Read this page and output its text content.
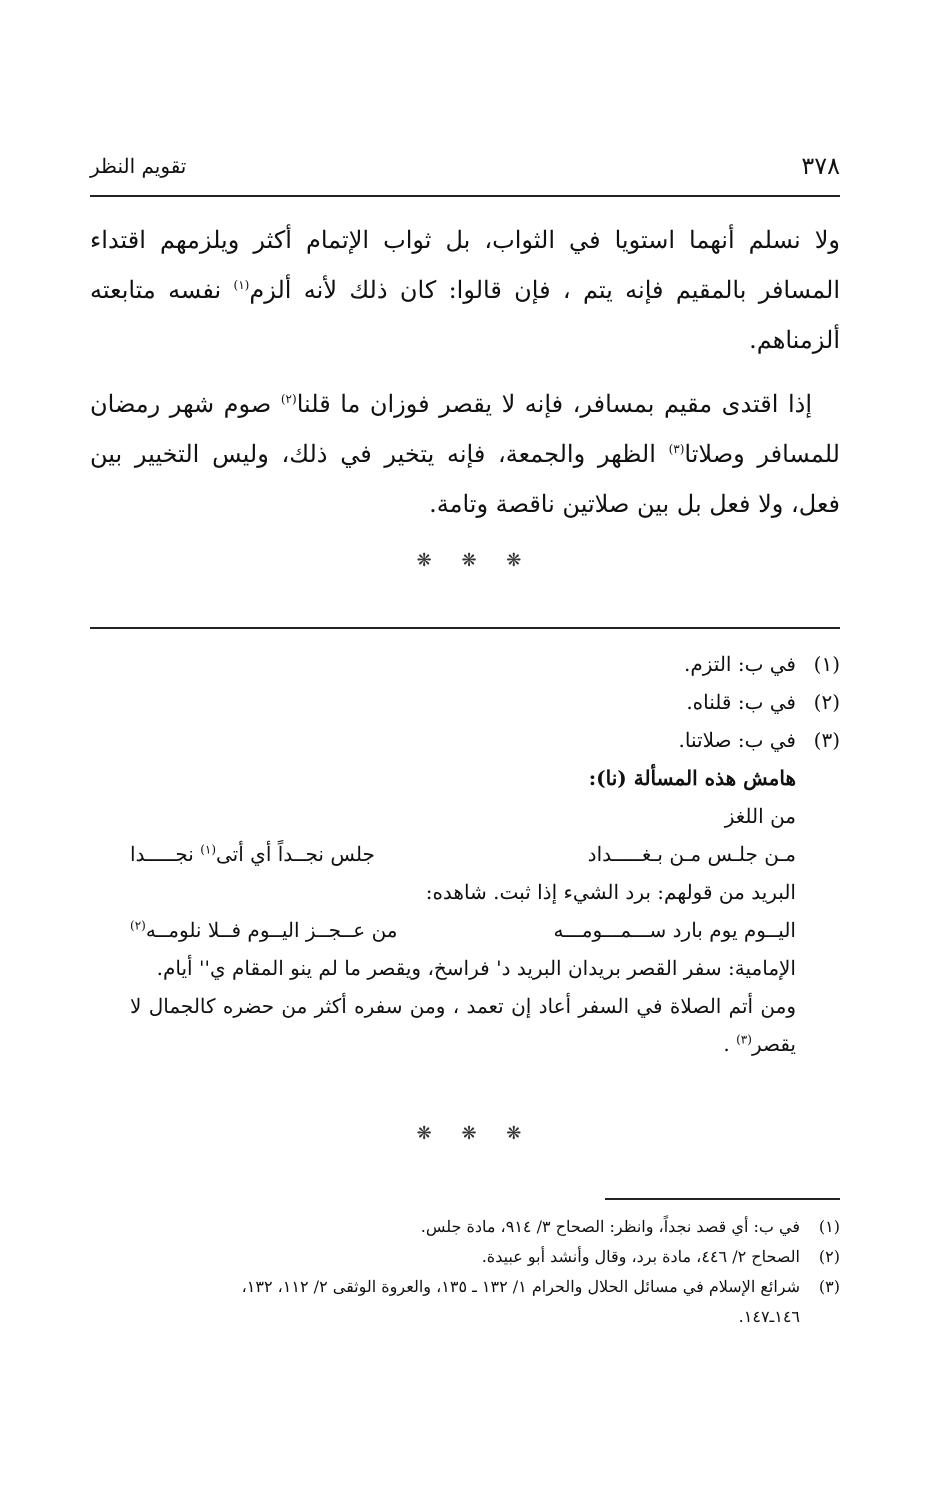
٣٧٨
تقويم النظر

ولا نسلم أنهما استويا في الثواب، بل ثواب الإتمام أكثر ويلزمهم اقتداء المسافر بالمقيم فإنه يتم ، فإن قالوا: كان ذلك لأنه ألزم$^{(١)}$ نفسه متابعته ألزمناهم.

إذا اقتدى مقيم بمسافر، فإنه لا يقصر فوزان ما قلنا$^{(٢)}$ صوم شهر رمضان للمسافر وصلاتا$^{(٣)}$ الظهر والجمعة، فإنه يتخير في ذلك، وليس التخيير بين فعل، ولا فعل بل بين صلاتين ناقصة وتامة.

❋ ❋ ❋
(١)
في ب: التزم.
(٢)
في ب: قلناه.
(٣)
في ب: صلاتنا.
هامش هذه المسألة (نا):
من اللغز
مـن جلـس مـن بـغـــــداد
جلس نجــداً أي أتى$^{(١)}$ نجـــــدا
البريد من قولهم: برد الشيء إذا ثبت. شاهده:
اليــوم يوم بارد ســـمـــومـــه
من عــجــز اليــوم فــلا نلومــه$^{(٢)}$
الإمامية: سفر القصر بريدان البريد د' فراسخ، ويقصر ما لم ينو المقام ي'' أيام.
ومن أتم الصلاة في السفر أعاد إن تعمد ، ومن سفره أكثر من حضره كالجمال لا يقصر$^{(٣)}$ .
❋ ❋ ❋
(١)
في ب: أي قصد نجداً، وانظر: الصحاح ٣/ ٩١٤، مادة جلس.
(٢)
الصحاح ٢/ ٤٤٦، مادة برد، وقال وأنشد أبو عبيدة.
(٣)
شرائع الإسلام في مسائل الحلال والحرام ١/ ١٣٢ ـ ١٣٥، والعروة الوثقى ٢/ ١١٢، ١٣٢،
١٤٦ـ١٤٧.
